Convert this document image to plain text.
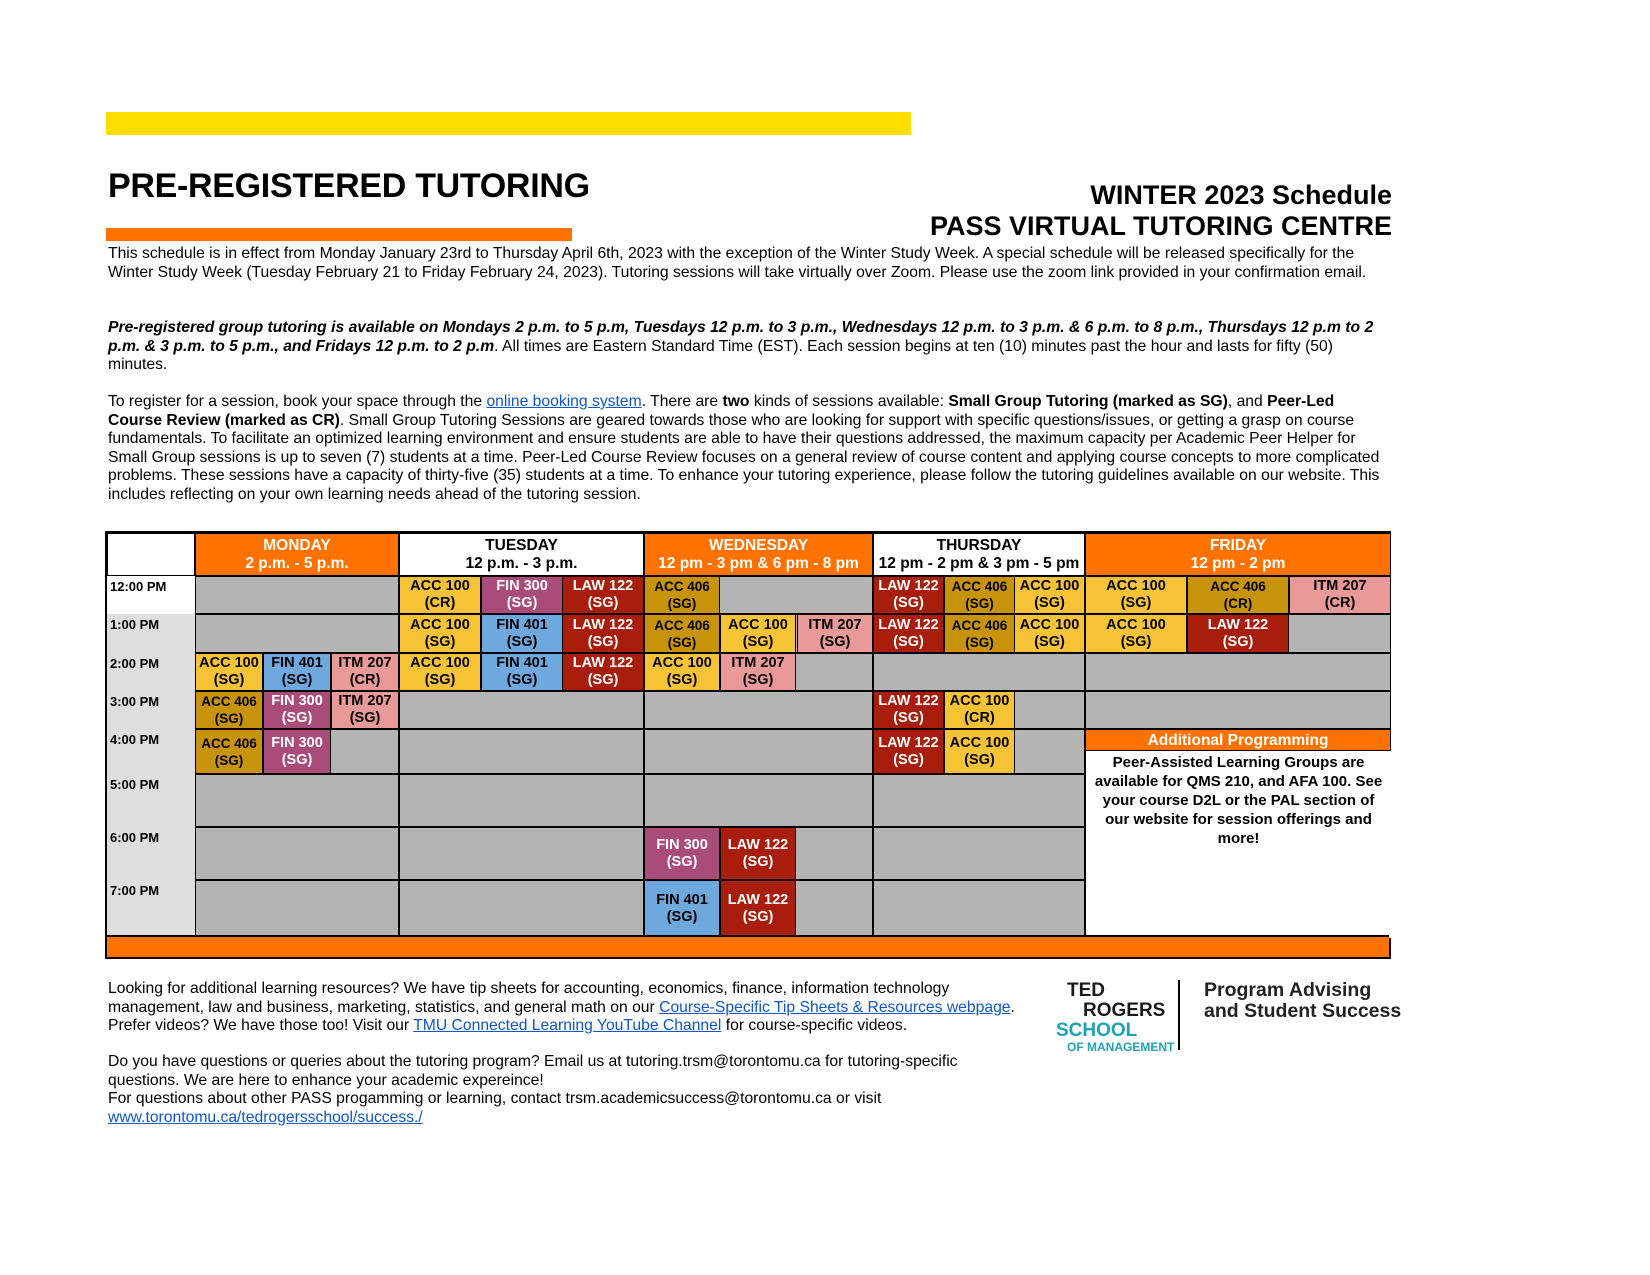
PRE-REGISTERED TUTORING	WINTER 2023 Schedule
PASS VIRTUAL TUTORING CENTRE
This schedule is in effect from Monday January 23rd to Thursday April 6th, 2023 with the exception of the Winter Study Week. A special schedule will be released specifically for the Winter Study Week (Tuesday February 21 to Friday February 24, 2023). Tutoring sessions will take virtually over Zoom. Please use the zoom link provided in your confirmation email.
Pre-registered group tutoring is available on Mondays 2 p.m. to 5 p.m, Tuesdays 12 p.m. to 3 p.m., Wednesdays 12 p.m. to 3 p.m. & 6 p.m. to 8 p.m., Thursdays 12 p.m to 2 p.m. & 3 p.m. to 5 p.m., and Fridays 12 p.m. to 2 p.m. All times are Eastern Standard Time (EST). Each session begins at ten (10) minutes past the hour and lasts for fifty (50) minutes.
To register for a session, book your space through the online booking system. There are two kinds of sessions available: Small Group Tutoring (marked as SG), and Peer-Led Course Review (marked as CR). Small Group Tutoring Sessions are geared towards those who are looking for support with specific questions/issues, or getting a grasp on course fundamentals. To facilitate an optimized learning environment and ensure students are able to have their questions addressed, the maximum capacity per Academic Peer Helper for Small Group sessions is up to seven (7) students at a time. Peer-Led Course Review focuses on a general review of course content and applying course concepts to more complicated problems. These sessions have a capacity of thirty-five (35) students at a time. To enhance your tutoring experience, please follow the tutoring guidelines available on our website. This includes reflecting on your own learning needs ahead of the tutoring session.
MONDAY
2 p.m. - 5 p.m.
TUESDAY
12 p.m. - 3 p.m.
WEDNESDAY
12 pm - 3 pm & 6 pm - 8 pm
THURSDAY
12 pm - 2 pm & 3 pm - 5 pm
FRIDAY
12 pm - 2 pm
12:00 PM
1:00 PM
2:00 PM
3:00 PM
4:00 PM
5:00 PM
6:00 PM
7:00 PM
ACC 100
(CR)
FIN 300
(SG)
LAW 122
(SG)
ACC 406
(SG)
LAW 122
(SG)
ACC 406
(SG)
ACC 100
(SG)
ACC 100
(SG)
ACC 406
(CR)
ITM 207
(CR)
ACC 100
(SG)
FIN 401
(SG)
LAW 122
(SG)
ACC 406
(SG)
ACC 100
(SG)
ITM 207
(SG)
LAW 122
(SG)
ACC 406
(SG)
ACC 100
(SG)
ACC 100
(SG)
LAW 122
(SG)
ACC 100
(SG)
FIN 401
(SG)
ITM 207
(CR)
ACC 100
(SG)
FIN 401
(SG)
LAW 122
(SG)
ACC 100
(SG)
ITM 207
(SG)
ACC 406
(SG)
FIN 300
(SG)
ITM 207
(SG)
LAW 122
(SG)
ACC 100
(CR)
ACC 406
(SG)
FIN 300
(SG)
LAW 122
(SG)
ACC 100
(SG)
FIN 300
(SG)
LAW 122
(SG)
FIN 401
(SG)
LAW 122
(SG)
Additional Programming
Peer-Assisted Learning Groups are available for QMS 210, and AFA 100. See your course D2L or the PAL section of our website for session offerings and more!
Looking for additional learning resources? We have tip sheets for accounting, economics, finance, information technology management, law and business, marketing, statistics, and general math on our Course-Specific Tip Sheets & Resources webpage. Prefer videos? We have those too! Visit our TMU Connected Learning YouTube Channel for course-specific videos.
Do you have questions or queries about the tutoring program? Email us at tutoring.trsm@torontomu.ca for tutoring-specific questions. We are here to enhance your academic expereince!
For questions about other PASS progamming or learning, contact trsm.academicsuccess@torontomu.ca or visit www.torontomu.ca/tedrogersschool/success./
TED
ROGERS
SCHOOL
OF MANAGEMENT
Program Advising
and Student Success
